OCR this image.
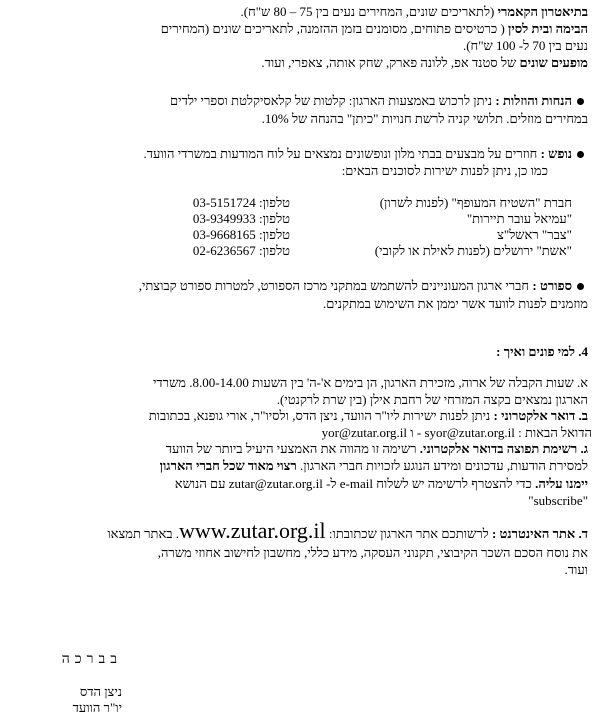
בתיאטרון הקאמרי (לתאריכים שונים, המחירים נעים בין 75 – 80 ש"ח).
הבימה ובית לסין ( כרטיסים פתוחים, מסומנים בזמן ההזמנה, לתאריכים שונים (המחירים
נעים בין 70 ל- 100 ש"ח).
מופעים שונים של סטנד אפ, ללונה פארק, שחק אותה, צאפרי, ועוד.
הנחות והוזלות : ניתן לרכוש באמצעות הארגון: קלטות של קלאסיקלטת וספרי ילדים
במחירים מוזלים. תלושי קניה לרשת חנויות "כיתן" בהנחה של 10%.
נופש : חוזרים על מבצעים בבתי מלון ונופשונים נמצאים על לוח המודעות במשרדי הוועד.
כמו כן, ניתן לפנות ישירות לסוכנים הבאים:
חברת "השטיח המעופף" (לפנות לשרון)
טלפון: 03-5151724
"עמיאל עובר תיירות"
טלפון: 03-9349933
"צבר" ראשל"צ
טלפון: 03-9668165
"אשת" ירושלים (לפנות לאילת או לקובי)
טלפון: 02-6236567
ספורט : חברי ארגון המעוניינים להשתמש במתקני מרכז הספורט, למטרות ספורט קבוצתי,
מוזמנים לפנות לוועד אשר יממן את השימוש במתקנים.
4. למי פונים ואיך :
א. שעות הקבלה של ארוה, מזכירת הארגון, הן בימים א'-ה' בין השעות 8.00-14.00. משרדי
הארגון נמצאים בקצה המזרחי של רחבת אילן (בין שרת לרקנטי).
ב. דואר אלקטרוני : ניתן לפנות ישירות ליו"ר הוועד, ניצן הדס, ולסיו"ר, אורי גופנא, בכתובות
הדואל הבאות : syor@zutar.org.il - ו yor@zutar.org.il
ג. רשימת תפוצה בדואר אלקטרוני. רשימה זו מהווה את האמצעי היעיל ביותר של הוועד
למסירת הודעות, עדכונים ומידע הנוגע לזכויות חברי הארגון. רצוי מאוד שכל חברי הארגון
יימנו עליה. כדי להצטרף לרשימה יש לשלוח e-mail ל- zutar@zutar.org.il עם הנושא
"subscribe"
ד. אתר האינטרנט : לרשותכם אתר הארגון שכתובתו: www.zutar.org.il. באתר תמצאו
את נוסח הסכם השכר הקיבוצי, תקנוני העסקה, מידע כללי, מחשבון לחישוב אחוזי משרה,
ועוד.
בברכה
ניצן הדס
יו"ר הוועד
